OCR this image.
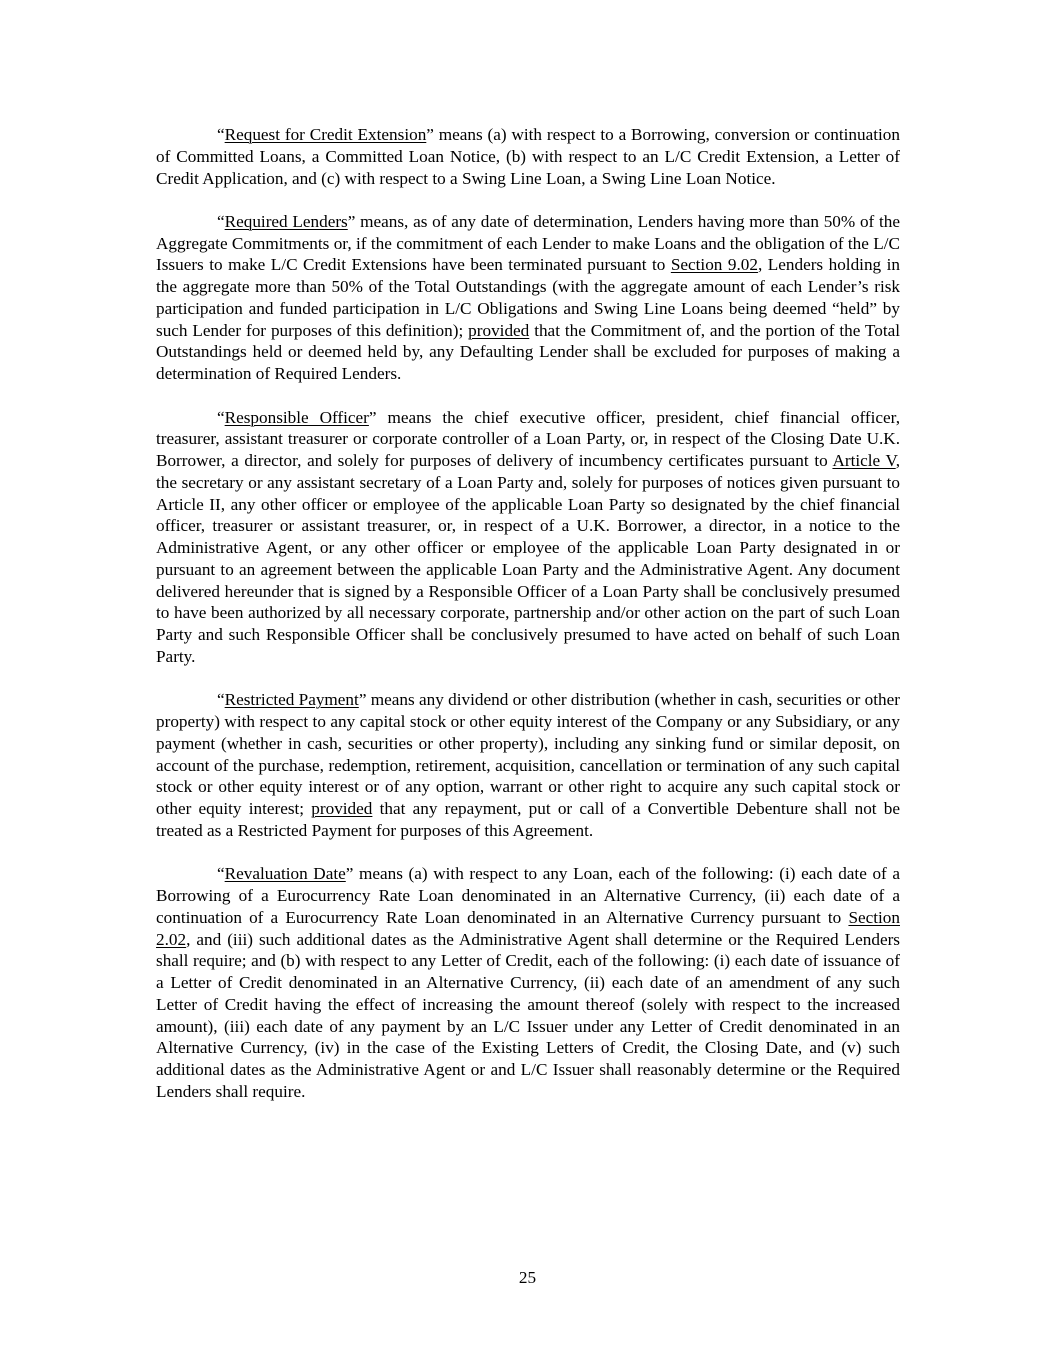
“Request for Credit Extension” means (a) with respect to a Borrowing, conversion or continuation of Committed Loans, a Committed Loan Notice, (b) with respect to an L/C Credit Extension, a Letter of Credit Application, and (c) with respect to a Swing Line Loan, a Swing Line Loan Notice.

“Required Lenders” means, as of any date of determination, Lenders having more than 50% of the Aggregate Commitments or, if the commitment of each Lender to make Loans and the obligation of the L/C Issuers to make L/C Credit Extensions have been terminated pursuant to Section 9.02, Lenders holding in the aggregate more than 50% of the Total Outstandings (with the aggregate amount of each Lender’s risk participation and funded participation in L/C Obligations and Swing Line Loans being deemed “held” by such Lender for purposes of this definition); provided that the Commitment of, and the portion of the Total Outstandings held or deemed held by, any Defaulting Lender shall be excluded for purposes of making a determination of Required Lenders.

“Responsible Officer” means the chief executive officer, president, chief financial officer, treasurer, assistant treasurer or corporate controller of a Loan Party, or, in respect of the Closing Date U.K. Borrower, a director, and solely for purposes of delivery of incumbency certificates pursuant to Article V, the secretary or any assistant secretary of a Loan Party and, solely for purposes of notices given pursuant to Article II, any other officer or employee of the applicable Loan Party so designated by the chief financial officer, treasurer or assistant treasurer, or, in respect of a U.K. Borrower, a director, in a notice to the Administrative Agent, or any other officer or employee of the applicable Loan Party designated in or pursuant to an agreement between the applicable Loan Party and the Administrative Agent. Any document delivered hereunder that is signed by a Responsible Officer of a Loan Party shall be conclusively presumed to have been authorized by all necessary corporate, partnership and/or other action on the part of such Loan Party and such Responsible Officer shall be conclusively presumed to have acted on behalf of such Loan Party.

“Restricted Payment” means any dividend or other distribution (whether in cash, securities or other property) with respect to any capital stock or other equity interest of the Company or any Subsidiary, or any payment (whether in cash, securities or other property), including any sinking fund or similar deposit, on account of the purchase, redemption, retirement, acquisition, cancellation or termination of any such capital stock or other equity interest or of any option, warrant or other right to acquire any such capital stock or other equity interest; provided that any repayment, put or call of a Convertible Debenture shall not be treated as a Restricted Payment for purposes of this Agreement.

“Revaluation Date” means (a) with respect to any Loan, each of the following: (i) each date of a Borrowing of a Eurocurrency Rate Loan denominated in an Alternative Currency, (ii) each date of a continuation of a Eurocurrency Rate Loan denominated in an Alternative Currency pursuant to Section 2.02, and (iii) such additional dates as the Administrative Agent shall determine or the Required Lenders shall require; and (b) with respect to any Letter of Credit, each of the following: (i) each date of issuance of a Letter of Credit denominated in an Alternative Currency, (ii) each date of an amendment of any such Letter of Credit having the effect of increasing the amount thereof (solely with respect to the increased amount), (iii) each date of any payment by an L/C Issuer under any Letter of Credit denominated in an Alternative Currency, (iv) in the case of the Existing Letters of Credit, the Closing Date, and (v) such additional dates as the Administrative Agent or and L/C Issuer shall reasonably determine or the Required Lenders shall require.

25
